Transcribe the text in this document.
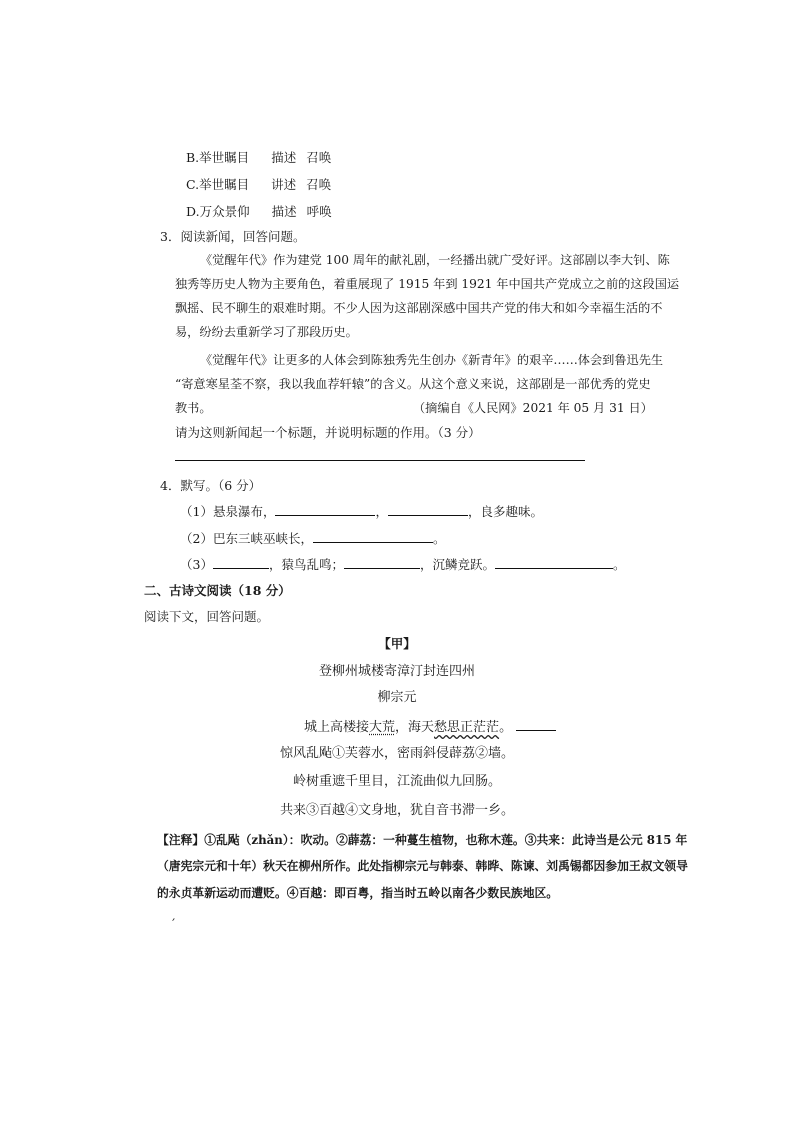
B.举世瞩目 描述 召唤
C.举世瞩目 讲述 召唤
D.万众景仰 描述 呼唤
3．阅读新闻，回答问题。
《觉醒年代》作为建党 100 周年的献礼剧，一经播出就广受好评。这部剧以李大钊、陈
独秀等历史人物为主要角色，着重展现了 1915 年到 1921 年中国共产党成立之前的这段国运
飘摇、民不聊生的艰难时期。不少人因为这部剧深感中国共产党的伟大和如今幸福生活的不
易，纷纷去重新学习了那段历史。
《觉醒年代》让更多的人体会到陈独秀先生创办《新青年》的艰辛……体会到鲁迅先生
“寄意寒星荃不察，我以我血荐轩辕”的含义。从这个意义来说，这部剧是一部优秀的党史
教书。	（摘编自《人民网》2021 年 05 月 31 日）
请为这则新闻起一个标题，并说明标题的作用。（3 分）
4．默写。（6 分）
（1）悬泉瀑布，	，	，良多趣味。
（2）巴东三峡巫峡长，	。
（3）	，猿鸟乱鸣；	，沉鳞竞跃。	。
二、古诗文阅读（18 分）
阅读下文，回答问题。
【甲】
登柳州城楼寄漳汀封连四州
柳宗元
城上高楼接大荒，海天愁思正茫茫。
惊风乱飐①芙蓉水，密雨斜侵薜荔②墙。
岭树重遮千里目，江流曲似九回肠。
共来③百越④文身地，犹自音书滞一乡。
【注释】①乱飐（zhǎn）：吹动。②薜荔：一种蔓生植物，也称木莲。③共来：此诗当是公元 815 年
（唐宪宗元和十年）秋天在柳州所作。此处指柳宗元与韩泰、韩晔、陈谏、刘禹锡都因参加王叔文领导
的永贞革新运动而遭贬。④百越：即百粤，指当时五岭以南各少数民族地区。
′
